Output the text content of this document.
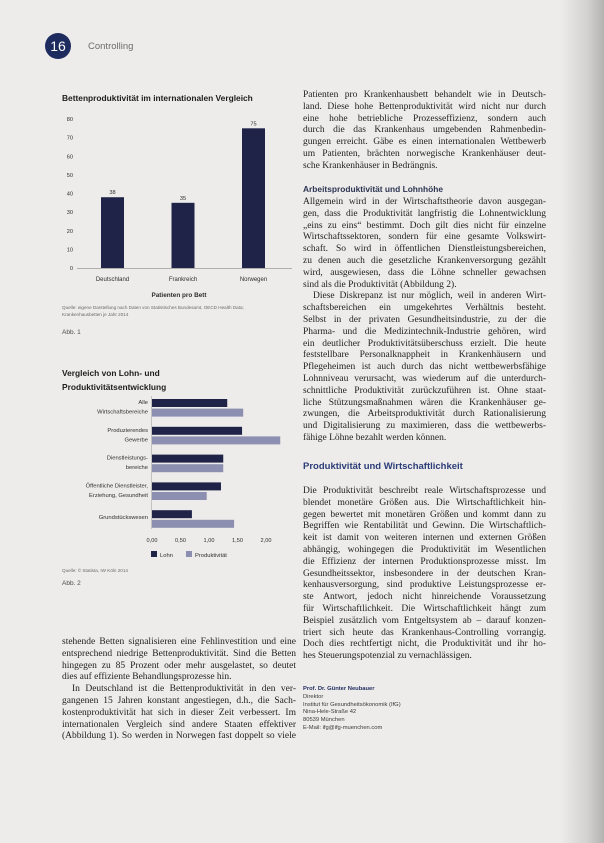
16	Controlling
Bettenproduktivität im internationalen Vergleich
0
10
20
30
40
50
60
70
80
38
Deutschland
35
Frankreich
75
Norwegen
Patienten pro Bett
Quelle: eigene Darstellung nach Daten von Statistisches Bundesamt, OECD Health Data;
Krankenhausbetten je Jahr 2014
Abb. 1
Vergleich von Lohn- und Produktivitätsentwicklung
Alle
Wirtschaftsbereiche
Produzierendes
Gewerbe
Dienstleistungs-
bereiche
Öffentliche Dienstleister,
Erziehung, Gesundheit
Grundstückswesen
0,00	0,50	1,00	1,50	2,00
Lohn	Produktivität
Quelle: © Statista, IW Köln 2014
Abb. 2
stehende Betten signalisieren eine Fehlinvestition und eine
entsprechend niedrige Bettenproduktivität. Sind die Betten
hingegen zu 85 Prozent oder mehr ausgelastet, so deutet
dies auf effiziente Behandlungsprozesse hin.
In Deutschland ist die Bettenproduktivität in den ver-
gangenen 15 Jahren konstant angestiegen, d.h., die Sach-
kostenproduktivität hat sich in dieser Zeit verbessert. Im
internationalen Vergleich sind andere Staaten effektiver
(Abbildung 1). So werden in Norwegen fast doppelt so viele
Patienten pro Krankenhausbett behandelt wie in Deutsch-
land. Diese hohe Bettenproduktivität wird nicht nur durch
eine hohe betriebliche Prozesseffizienz, sondern auch
durch die das Krankenhaus umgebenden Rahmenbedin-
gungen erreicht. Gäbe es einen internationalen Wettbewerb
um Patienten, brächten norwegische Krankenhäuser deut-
sche Krankenhäuser in Bedrängnis.
Arbeitsproduktivität und Lohnhöhe
Allgemein wird in der Wirtschaftstheorie davon ausgegan-
gen, dass die Produktivität langfristig die Lohnentwicklung
„eins zu eins“ bestimmt. Doch gilt dies nicht für einzelne
Wirtschaftssektoren, sondern für eine gesamte Volkswirt-
schaft. So wird in öffentlichen Dienstleistungsbereichen,
zu denen auch die gesetzliche Krankenversorgung gezählt
wird, ausgewiesen, dass die Löhne schneller gewachsen
sind als die Produktivität (Abbildung 2).
Diese Diskrepanz ist nur möglich, weil in anderen Wirt-
schaftsbereichen ein umgekehrtes Verhältnis besteht.
Selbst in der privaten Gesundheitsindustrie, zu der die
Pharma- und die Medizintechnik-Industrie gehören, wird
ein deutlicher Produktivitätsüberschuss erzielt. Die heute
feststellbare Personalknappheit in Krankenhäusern und
Pflegeheimen ist auch durch das nicht wettbewerbsfähige
Lohnniveau verursacht, was wiederum auf die unterdurch-
schnittliche Produktivität zurückzuführen ist. Ohne staat-
liche Stützungsmaßnahmen wären die Krankenhäuser ge-
zwungen, die Arbeitsproduktivität durch Rationalisierung
und Digitalisierung zu maximieren, dass die wettbewerbs-
fähige Löhne bezahlt werden können.
Produktivität und Wirtschaftlichkeit
Die Produktivität beschreibt reale Wirtschaftsprozesse und
blendet monetäre Größen aus. Die Wirtschaftlichkeit hin-
gegen bewertet mit monetären Größen und kommt dann zu
Begriffen wie Rentabilität und Gewinn. Die Wirtschaftlich-
keit ist damit von weiteren internen und externen Größen
abhängig, wohingegen die Produktivität im Wesentlichen
die Effizienz der internen Produktionsprozesse misst. Im
Gesundheitssektor, insbesondere in der deutschen Kran-
kenhausversorgung, sind produktive Leistungsprozesse er-
ste Antwort, jedoch nicht hinreichende Voraussetzung
für Wirtschaftlichkeit. Die Wirtschaftlichkeit hängt zum
Beispiel zusätzlich vom Entgeltsystem ab – darauf konzen-
triert sich heute das Krankenhaus-Controlling vorrangig.
Doch dies rechtfertigt nicht, die Produktivität und ihr ho-
hes Steuerungspotenzial zu vernachlässigen.
Prof. Dr. Günter Neubauer
Direktor
Institut für Gesundheitsökonomik (IfG)
Nina-Hele-Straße 42
80539 München
E-Mail: ifg@ifg-muenchen.com
